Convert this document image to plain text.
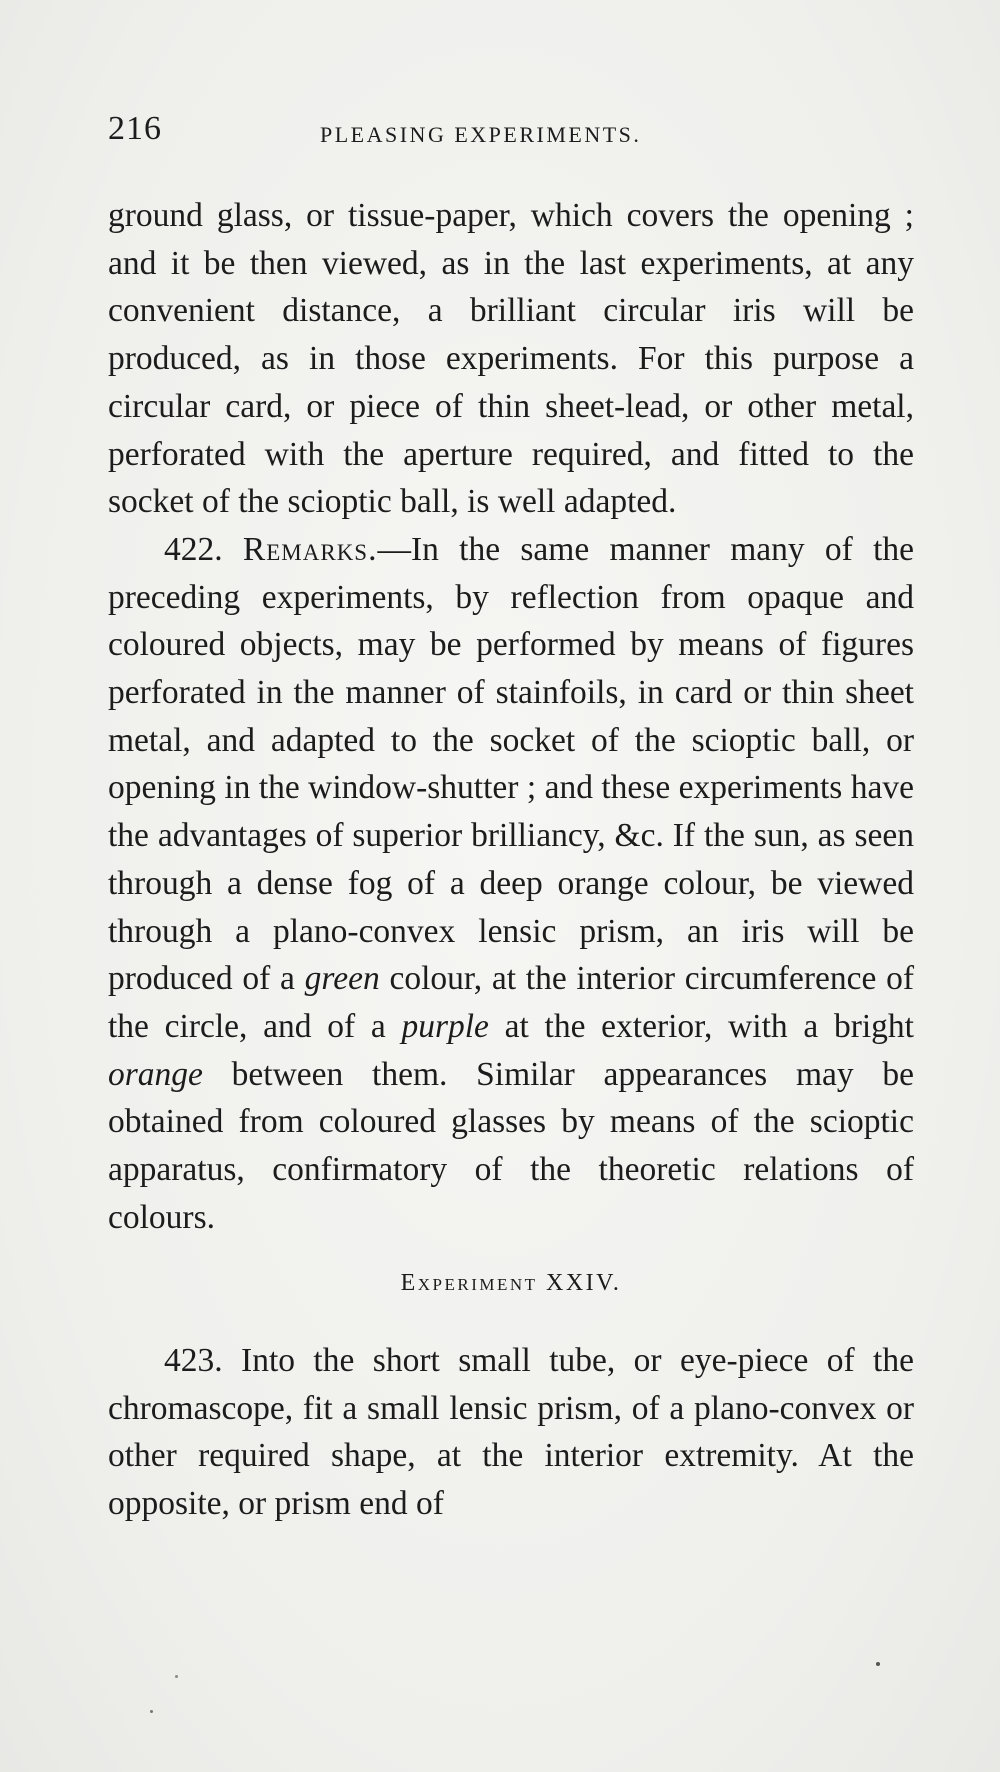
216	PLEASING EXPERIMENTS.

ground glass, or tissue-paper, which covers the opening ; and it be then viewed, as in the last experiments, at any convenient distance, a brilliant circular iris will be produced, as in those experiments. For this purpose a circular card, or piece of thin sheet-lead, or other metal, perforated with the aperture required, and fitted to the socket of the scioptic ball, is well adapted.

422. Remarks.—In the same manner many of the preceding experiments, by reflection from opaque and coloured objects, may be performed by means of figures perforated in the manner of stainfoils, in card or thin sheet metal, and adapted to the socket of the scioptic ball, or opening in the window-shutter ; and these experiments have the advantages of superior brilliancy, &c. If the sun, as seen through a dense fog of a deep orange colour, be viewed through a plano-convex lensic prism, an iris will be produced of a green colour, at the interior circumference of the circle, and of a purple at the exterior, with a bright orange between them. Similar appearances may be obtained from coloured glasses by means of the scioptic apparatus, confirmatory of the theoretic relations of colours.

Experiment XXIV.

423. Into the short small tube, or eye-piece of the chromascope, fit a small lensic prism, of a plano-convex or other required shape, at the interior extremity. At the opposite, or prism end of
